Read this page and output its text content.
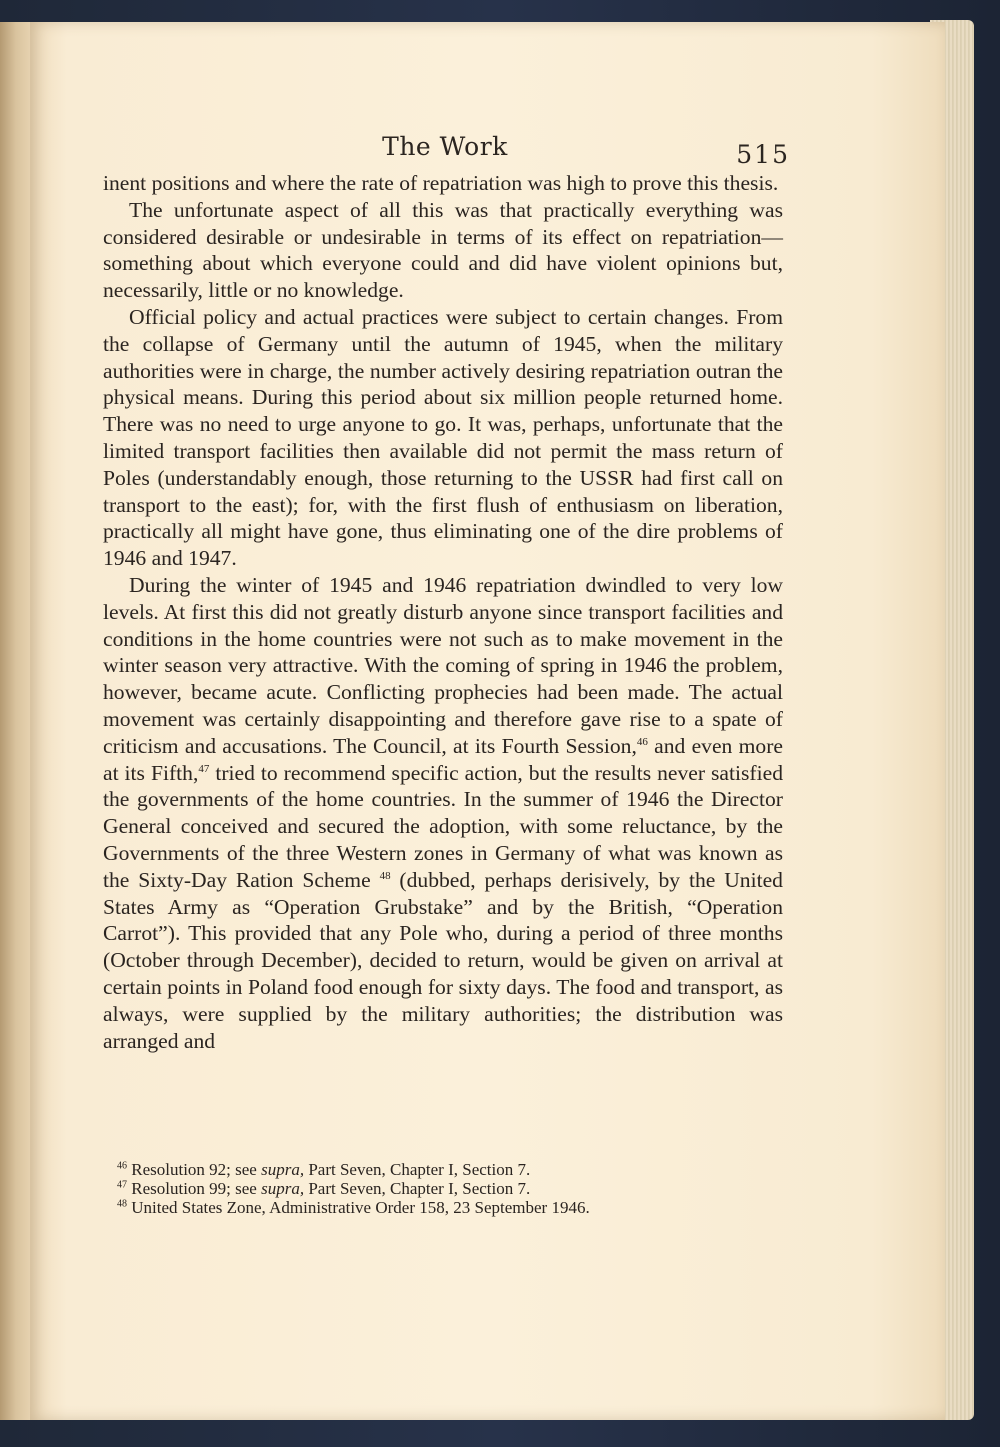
The Work	515

inent positions and where the rate of repatriation was high to prove this thesis.

The unfortunate aspect of all this was that practically everything was considered desirable or undesirable in terms of its effect on repatriation—something about which everyone could and did have violent opinions but, necessarily, little or no knowledge.

Official policy and actual practices were subject to certain changes. From the collapse of Germany until the autumn of 1945, when the military authorities were in charge, the number actively desiring repatriation outran the physical means. During this period about six million people returned home. There was no need to urge anyone to go. It was, perhaps, unfortunate that the limited transport facilities then available did not permit the mass return of Poles (understandably enough, those returning to the USSR had first call on transport to the east); for, with the first flush of enthusiasm on liberation, practically all might have gone, thus eliminating one of the dire problems of 1946 and 1947.

During the winter of 1945 and 1946 repatriation dwindled to very low levels. At first this did not greatly disturb anyone since transport facilities and conditions in the home countries were not such as to make movement in the winter season very attractive. With the coming of spring in 1946 the problem, however, became acute. Conflicting prophecies had been made. The actual movement was certainly disappointing and therefore gave rise to a spate of criticism and accusations. The Council, at its Fourth Session,$^{46}$ and even more at its Fifth,$^{47}$ tried to recommend specific action, but the results never satisfied the governments of the home countries. In the summer of 1946 the Director General conceived and secured the adoption, with some reluctance, by the Governments of the three Western zones in Germany of what was known as the Sixty-Day Ration Scheme $^{48}$ (dubbed, perhaps derisively, by the United States Army as “Operation Grubstake” and by the British, “Operation Carrot”). This provided that any Pole who, during a period of three months (October through December), decided to return, would be given on arrival at certain points in Poland food enough for sixty days. The food and transport, as always, were supplied by the military authorities; the distribution was arranged and

$^{46}$ Resolution 92; see supra, Part Seven, Chapter I, Section 7.
$^{47}$ Resolution 99; see supra, Part Seven, Chapter I, Section 7.
$^{48}$ United States Zone, Administrative Order 158, 23 September 1946.
